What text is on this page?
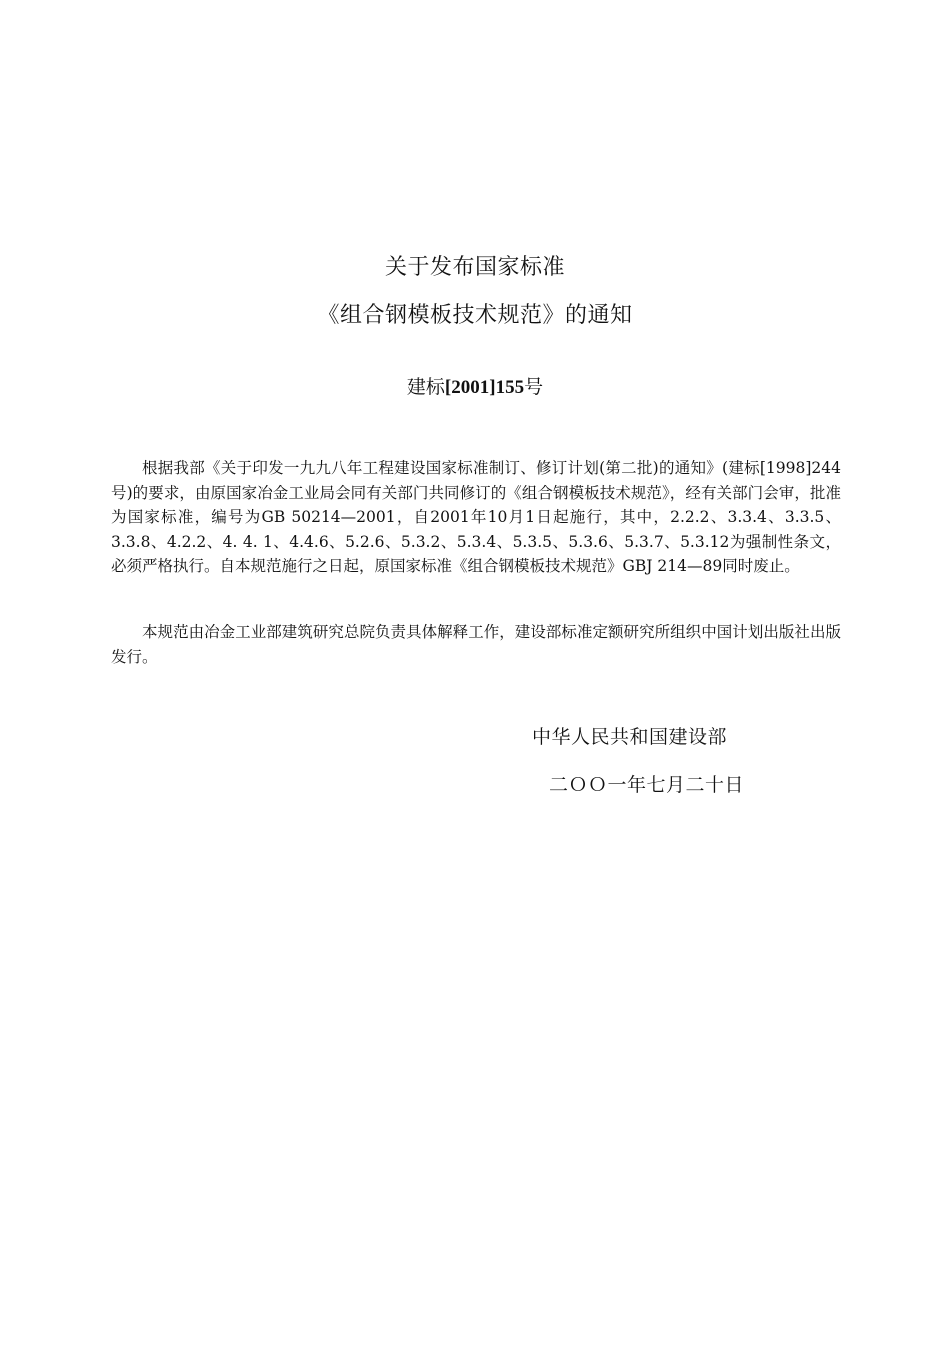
关于发布国家标准
《组合钢模板技术规范》的通知
建标[2001]155号

根据我部《关于印发一九九八年工程建设国家标准制订、修订计划(第二批)的通知》(建标[1998]244号)的要求，由原国家冶金工业局会同有关部门共同修订的《组合钢模板技术规范》，经有关部门会审，批准为国家标准，编号为GB 50214—2001，自2001年10月1日起施行，其中，2.2.2、3.3.4、3.3.5、3.3.8、4.2.2、4. 4. 1、4.4.6、5.2.6、5.3.2、5.3.4、5.3.5、5.3.6、5.3.7、5.3.12为强制性条文，必须严格执行。自本规范施行之日起，原国家标准《组合钢模板技术规范》GBJ 214—89同时废止。

本规范由冶金工业部建筑研究总院负责具体解释工作，建设部标准定额研究所组织中国计划出版社出版发行。

中华人民共和国建设部
二ＯＯ一年七月二十日
